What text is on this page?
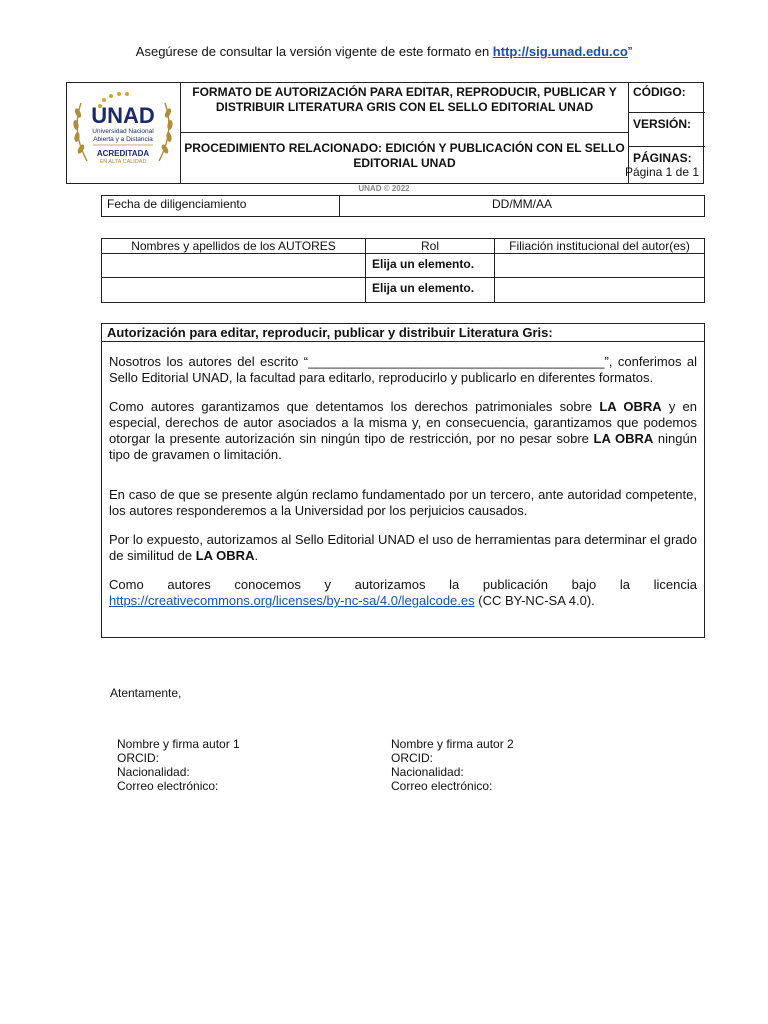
Asegúrese de consultar la versión vigente de este formato en http://sig.unad.edu.co”
UNAD
Universidad Nacional
Abierta y a Distancia
ACREDITADA
EN ALTA CALIDAD
FORMATO DE AUTORIZACIÓN PARA EDITAR, REPRODUCIR, PUBLICAR Y DISTRIBUIR LITERATURA GRIS CON EL SELLO EDITORIAL UNAD
PROCEDIMIENTO RELACIONADO: EDICIÓN Y PUBLICACIÓN CON EL SELLO EDITORIAL UNAD
CÓDIGO:
VERSIÓN:
PÁGINAS:
Página 1 de 1
UNAD © 2022
Fecha de diligenciamiento	DD/MM/AA
Nombres y apellidos de los AUTORES	Rol
Elija un elemento.
Elija un elemento.
Filiación institucional del autor(es)
Autorización para editar, reproducir, publicar y distribuir Literatura Gris:

Nosotros los autores del escrito “_________________________________________”, conferimos al Sello Editorial UNAD, la facultad para editarlo, reproducirlo y publicarlo en diferentes formatos.

Como autores garantizamos que detentamos los derechos patrimoniales sobre LA OBRA y en especial, derechos de autor asociados a la misma y, en consecuencia, garantizamos que podemos otorgar la presente autorización sin ningún tipo de restricción, por no pesar sobre LA OBRA ningún tipo de gravamen o limitación.

En caso de que se presente algún reclamo fundamentado por un tercero, ante autoridad competente, los autores responderemos a la Universidad por los perjuicios causados.

Por lo expuesto, autorizamos al Sello Editorial UNAD el uso de herramientas para determinar el grado de similitud de LA OBRA.

Como autores conocemos y autorizamos la publicación bajo la licencia https://creativecommons.org/licenses/by-nc-sa/4.0/legalcode.es (CC BY-NC-SA 4.0).

Atentamente,
Nombre y firma autor 1
ORCID:
Nacionalidad:
Correo electrónico:
Nombre y firma autor 2
ORCID:
Nacionalidad:
Correo electrónico:
